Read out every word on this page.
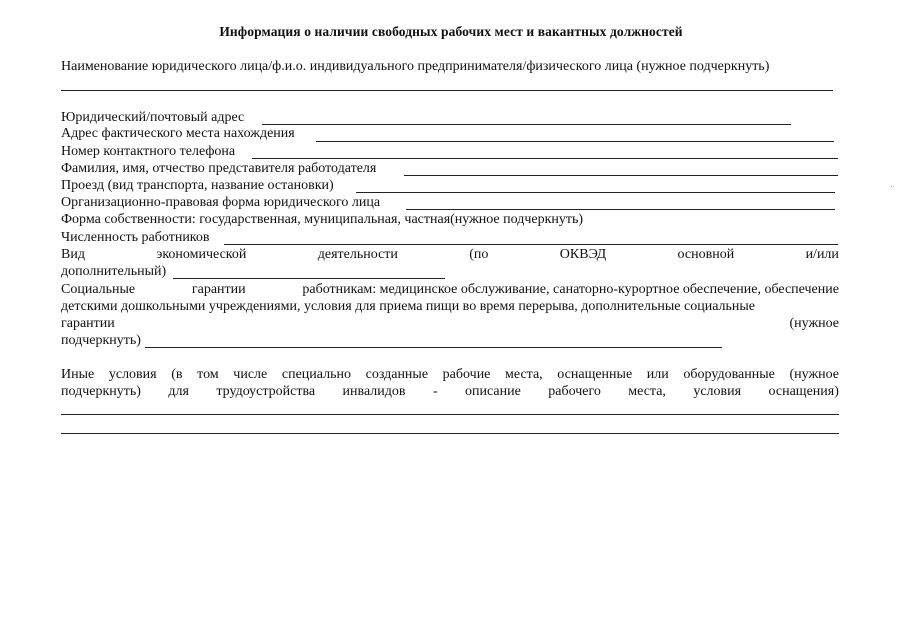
Информация о наличии свободных рабочих мест и вакантных должностей
Наименование юридического лица/ф.и.о. индивидуального предпринимателя/физического лица (нужное подчеркнуть)
Юридический/почтовый адрес
Адрес фактического места нахождения
Номер контактного телефона
Фамилия, имя, отчество представителя работодателя
Проезд (вид транспорта, название остановки)
Организационно-правовая форма юридического лица
Форма собственности: государственная, муниципальная, частная(нужное подчеркнуть)
Численность работников
Вид	экономической	деятельности	(по	ОКВЭД	основной	и/или
дополнительный)
Социальные	гарантии	работникам: медицинское обслуживание, санаторно-курортное обеспечение, обеспечение
детскими дошкольными учреждениями, условия для приема пищи во время перерыва, дополнительные социальные
гарантии	(нужное
подчеркнуть)
Иные условия (в том числе специально созданные рабочие места, оснащенные или оборудованные (нужное
подчеркнуть) для трудоустройства инвалидов - описание рабочего места, условия оснащения)
